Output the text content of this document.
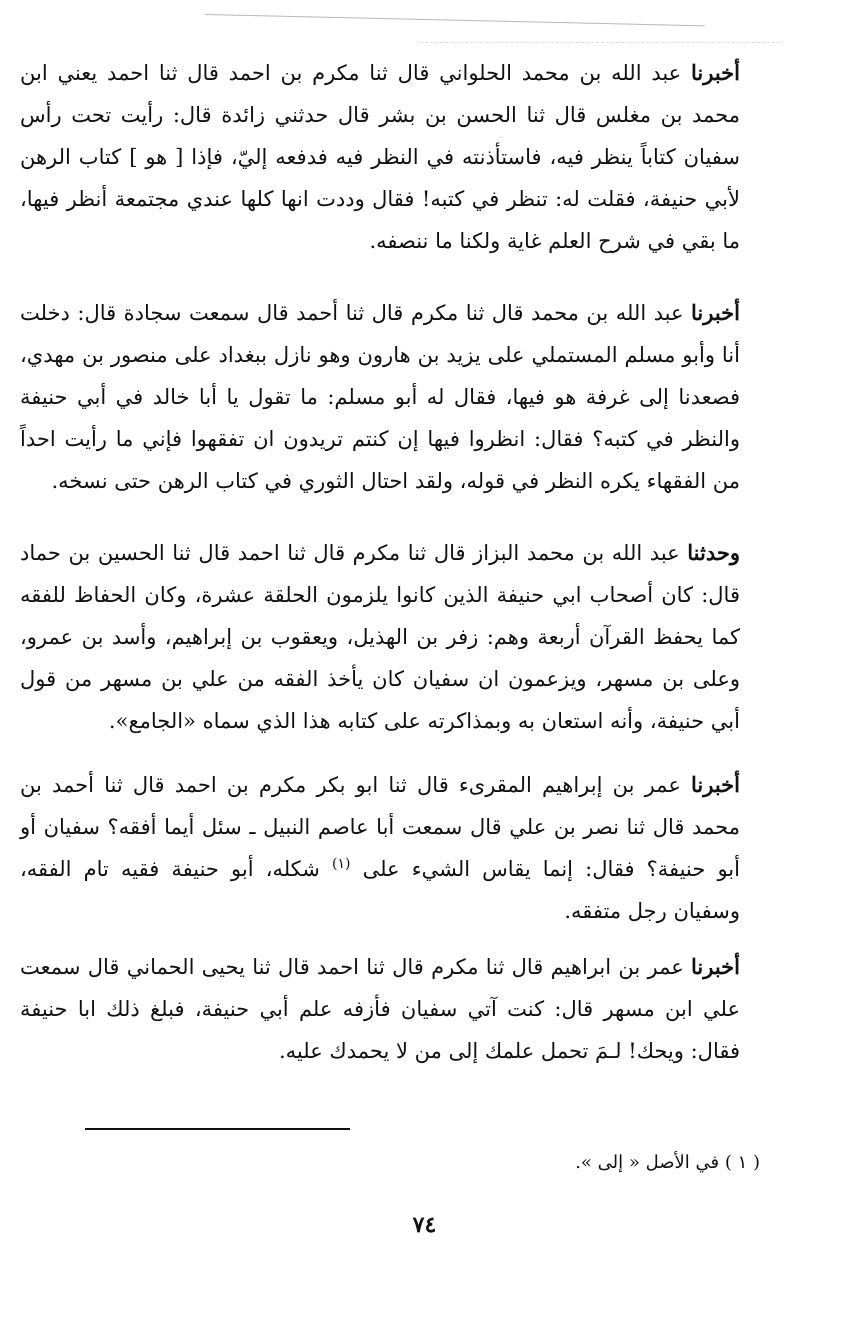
أخبرنا عبد الله بن محمد الحلواني قال ثنا مكرم بن احمد قال ثنا احمد يعني ابن محمد بن مغلس قال ثنا الحسن بن بشر قال حدثني زائدة قال: رأيت تحت رأس سفيان كتاباً ينظر فيه، فاستأذنته في النظر فيه فدفعه إليّ، فإذا [ هو ] كتاب الرهن لأبي حنيفة، فقلت له: تنظر في كتبه! فقال وددت انها كلها عندي مجتمعة أنظر فيها، ما بقي في شرح العلم غاية ولكنا ما ننصفه.

أخبرنا عبد الله بن محمد قال ثنا مكرم قال ثنا أحمد قال سمعت سجادة قال: دخلت أنا وأبو مسلم المستملي على يزيد بن هارون وهو نازل ببغداد على منصور بن مهدي، فصعدنا إلى غرفة هو فيها، فقال له أبو مسلم: ما تقول يا أبا خالد في أبي حنيفة والنظر في كتبه؟ فقال: انظروا فيها إن كنتم تريدون ان تفقهوا فإني ما رأيت احداً من الفقهاء يكره النظر في قوله، ولقد احتال الثوري في كتاب الرهن حتى نسخه.

وحدثنا عبد الله بن محمد البزاز قال ثنا مكرم قال ثنا احمد قال ثنا الحسين بن حماد قال: كان أصحاب ابي حنيفة الذين كانوا يلزمون الحلقة عشرة، وكان الحفاظ للفقه كما يحفظ القرآن أربعة وهم: زفر بن الهذيل، ويعقوب بن إبراهيم، وأسد بن عمرو، وعلى بن مسهر، ويزعمون ان سفيان كان يأخذ الفقه من علي بن مسهر من قول أبي حنيفة، وأنه استعان به وبمذاكرته على كتابه هذا الذي سماه «الجامع».

أخبرنا عمر بن إبراهيم المقرىء قال ثنا ابو بكر مكرم بن احمد قال ثنا أحمد بن محمد قال ثنا نصر بن علي قال سمعت أبا عاصم النبيل ـ سئل أيما أفقه؟ سفيان أو أبو حنيفة؟ فقال: إنما يقاس الشيء على $^{(١)}$ شكله، أبو حنيفة فقيه تام الفقه، وسفيان رجل متفقه.

أخبرنا عمر بن ابراهيم قال ثنا مكرم قال ثنا احمد قال ثنا يحيى الحماني قال سمعت علي ابن مسهر قال: كنت آتي سفيان فأزفه علم أبي حنيفة، فبلغ ذلك ابا حنيفة فقال: ويحك! لـمَ تحمل علمك إلى من لا يحمدك عليه.

( ١ ) في الأصل « إلى ».
٧٤
